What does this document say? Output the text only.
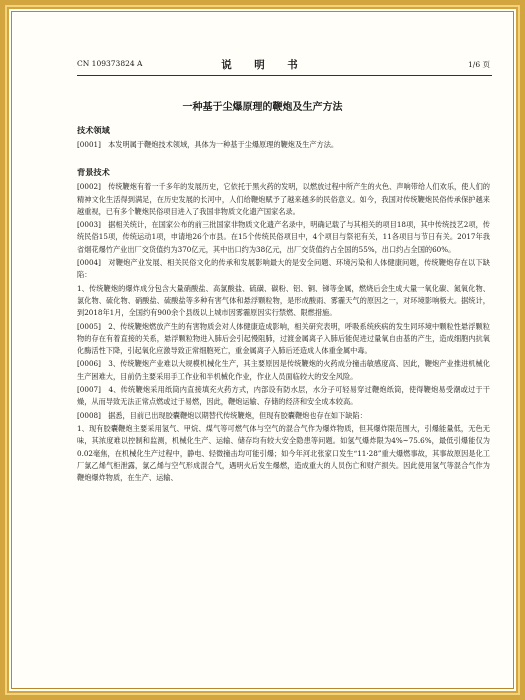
CN 109373824 A	说　明　书	1/6 页
一种基于尘爆原理的鞭炮及生产方法
技术领域

[0001]　本发明属于鞭炮技术领域，具体为一种基于尘爆原理的鞭炮及生产方法。

背景技术

[0002]　传统鞭炮有着一千多年的发展历史，它依托于黑火药的发明，以燃放过程中所产生的火色、声响带给人们欢乐，使人们的精神文化生活得到满足，在历史发展的长河中，人们给鞭炮赋予了越来越多的民俗意义。如今，我国对传统鞭炮民俗传承保护越来越重视，已有多个鞭炮民俗项目进入了我国非物质文化遗产国家名录。

[0003]　据相关统计，在国家公布的前三批国家非物质文化遗产名录中，明确记载了与其相关的项目18项，其中传统技艺2项，传统民俗15项，传统运动1项，申请地26个市县。在15个传统民俗项目中，4个项目与祭祀有关，11各项目与节日有关。2017年我省烟花爆竹产业出厂交货值约为370亿元，其中出口约为38亿元，出厂交货值约占全国的55%，出口约占全国的60%。

[0004]　对鞭炮产业发展、相关民俗文化的传承和发展影响最大的是安全问题、环境污染和人体健康问题，传统鞭炮存在以下缺陷：

1、传统鞭炮的爆炸成分包含大量硝酸盐、高氯酸盐、硫磺、碳粉、铝、铜、锑等金属，燃烧后会生成大量一氧化碳、氮氧化物、氯化物、硫化物、硝酸盐、硫酸盐等多种有害气体和悬浮颗粒物，是形成酸雨、雾霾天气的原因之一，对环境影响极大。据统计，到2018年1月，全国约有900余个县级以上城市因雾霾原因实行禁燃、限燃措施。

[0005]　2、传统鞭炮燃放产生的有害物质会对人体健康造成影响，相关研究表明，呼吸系统疾病的发生同环境中颗粒性悬浮颗粒物的存在有着直接的关系，悬浮颗粒物进入肺后会引起慢阻肺，过渡金属离子入肺后能促进过量氧自由基的产生，造成细胞内抗氧化酶活性下降，引起氧化应激导致正常细胞死亡，重金属离子入肺后还造成人体重金属中毒。

[0006]　3、传统鞭炮产业难以大规模机械化生产，其主要原因是传统鞭炮的火药成分撞击敏感度高、因此，鞭炮产业推进机械化生产困难大，目前仍主要采用手工作业和半机械化作业，作业人员面临较大的安全风险。

[0007]　4、传统鞭炮采用纸筒内直接填充火药方式，内部设有防水层，水分子可轻易穿过鞭炮纸筒，使得鞭炮易受潮或过于干燥，从而导致无法正常点燃或过于易燃，因此，鞭炮运输、存储的经济和安全成本较高。

[0008]　据悉，目前已出现胶囊鞭炮以期替代传统鞭炮，但现有胶囊鞭炮也存在如下缺陷：

1、现有胶囊鞭炮主要采用氢气、甲烷、煤气等可燃气体与空气的混合气作为爆炸物质，但其爆炸限范围大，引爆能量低，无色无味，其浓度难以控制和监测，机械化生产、运输、储存均有较大安全隐患等问题。如氢气爆炸限为4%~75.6%，最低引爆能仅为0.02毫焦，在机械化生产过程中，静电、轻微撞击均可能引爆；如今年河北张家口发生“11·28”重大爆燃事故，其事故原因是化工厂氯乙烯气柜泄露，氯乙烯与空气形成混合气，遇明火后发生爆燃，造成重大的人员伤亡和财产损失。因此使用氢气等混合气作为鞭炮爆炸物质，在生产、运输、
